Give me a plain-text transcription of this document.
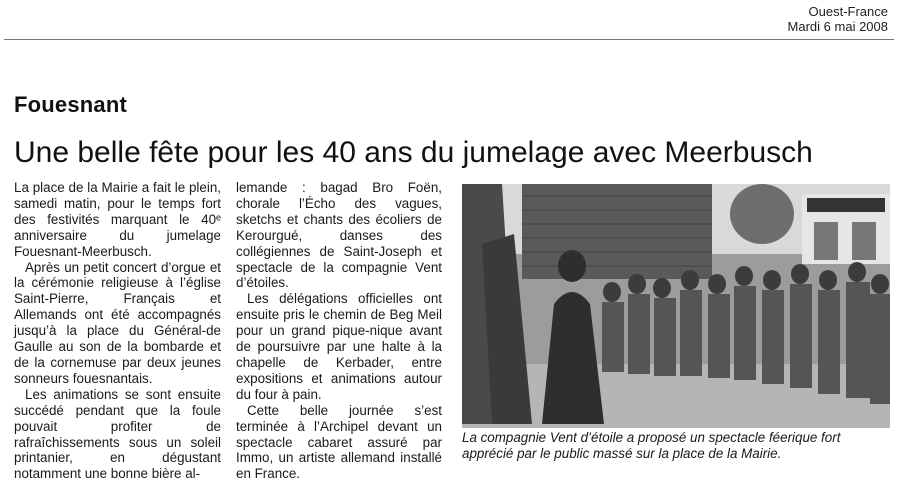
Ouest-France
Mardi 6 mai 2008
Fouesnant
Une belle fête pour les 40 ans du jumelage avec Meerbusch

La place de la Mairie a fait le plein, samedi matin, pour le temps fort des festivités marquant le 40ᵉ anniversaire du jumelage Fouesnant-Meerbusch.

Après un petit concert d’orgue et la cérémonie religieuse à l’église Saint-Pierre, Français et Allemands ont été accompagnés jusqu’à la place du Général-de Gaulle au son de la bombarde et de la cornemuse par deux jeunes sonneurs fouesnantais.

Les animations se sont ensuite succédé pendant que la foule pouvait profiter de rafraîchissements sous un soleil printanier, en dégustant notamment une bonne bière al-

lemande : bagad Bro Foën, chorale l’Écho des vagues, sketchs et chants des écoliers de Kerourgué, danses des collégiennes de Saint-Joseph et spectacle de la compagnie Vent d’étoiles.

Les délégations officielles ont ensuite pris le chemin de Beg Meil pour un grand pique-nique avant de poursuivre par une halte à la chapelle de Kerbader, entre expositions et animations autour du four à pain.

Cette belle journée s’est terminée à l’Archipel devant un spectacle cabaret assuré par Immo, un artiste allemand installé en France.

La compagnie Vent d’étoile a proposé un spectacle féerique fort apprécié par le public massé sur la place de la Mairie.
